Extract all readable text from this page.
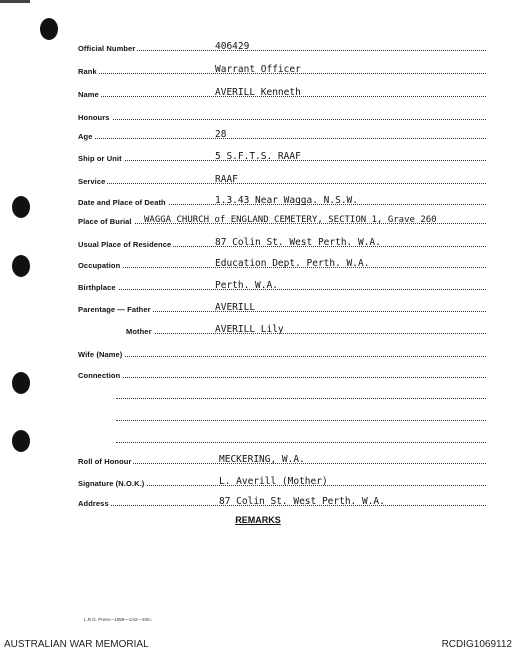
Official Number	406429
Rank	Warrant Officer
Name	AVERILL Kenneth
Honours
Age	28
Ship or Unit	5 S.F.T.S. RAAF
Service	RAAF
Date and Place of Death	1.3.43 Near Wagga. N.S.W.
Place of Burial WAGGA CHURCH of ENGLAND CEMETERY, SECTION 1, Grave 260
Usual Place of Residence	87 Colin St. West Perth. W.A.
Occupation	Education Dept. Perth. W.A.
Birthplace	Perth. W.A.
Parentage — Father	AVERILL
Mother	AVERILL Lily
Wife (Name)
Connection
Roll of Honour	MECKERING, W.A.
Signature (N.O.K.)	L. Averill (Mother)
Address	87 Colin St. West Perth. W.A.
REMARKS
L.R.G. Press—1959—1/42—20m.
AUSTRALIAN WAR MEMORIAL	RCDIG1069112
